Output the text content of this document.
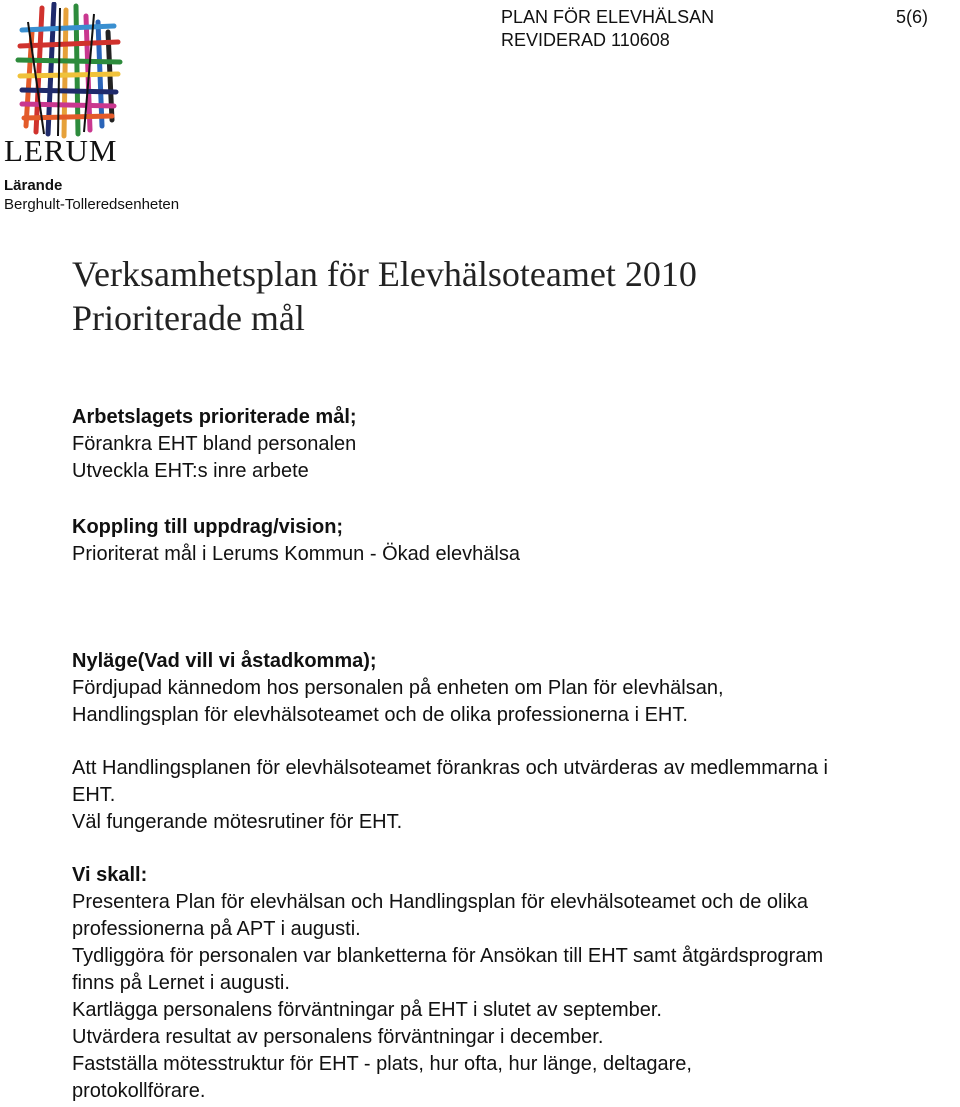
LERUM
Lärande
Berghult-Tolleredsenheten
PLAN FÖR ELEVHÄLSAN
REVIDERAD 110608
5(6)
Verksamhetsplan för Elevhälsoteamet 2010
Prioriterade mål
Arbetslagets prioriterade mål;
Förankra EHT bland personalen
Utveckla EHT:s inre arbete
Koppling till uppdrag/vision;
Prioriterat mål i Lerums Kommun - Ökad elevhälsa
Nyläge(Vad vill vi åstadkomma);
Fördjupad kännedom hos personalen på enheten om Plan för elevhälsan,
Handlingsplan för elevhälsoteamet och de olika professionerna i EHT.
Att Handlingsplanen för elevhälsoteamet förankras och utvärderas av medlemmarna i
EHT.
Väl fungerande mötesrutiner för EHT.
Vi skall:
Presentera Plan för elevhälsan och Handlingsplan för elevhälsoteamet och de olika
professionerna på APT i augusti.
Tydliggöra för personalen var blanketterna för Ansökan till EHT samt åtgärdsprogram
finns på Lernet i augusti.
Kartlägga personalens förväntningar på EHT i slutet av september.
Utvärdera resultat av personalens förväntningar i december.
Fastställa mötesstruktur för EHT - plats, hur ofta, hur länge, deltagare,
protokollförare.
